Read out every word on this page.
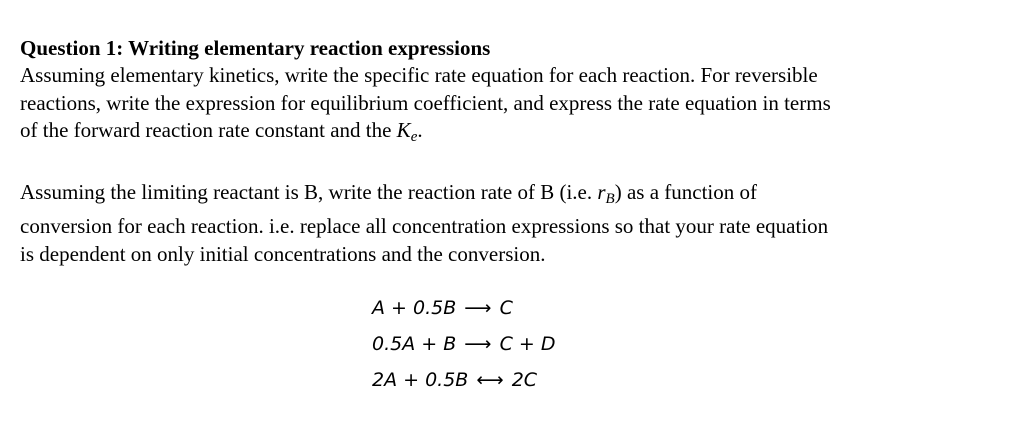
Question 1: Writing elementary reaction expressions

Assuming elementary kinetics, write the specific rate equation for each reaction. For reversible
reactions, write the expression for equilibrium coefficient, and express the rate equation in terms
of the forward reaction rate constant and the $K_e$.

Assuming the limiting reactant is B, write the reaction rate of B (i.e. $r_B$) as a function of
conversion for each reaction. i.e. replace all concentration expressions so that your rate equation
is dependent on only initial concentrations and the conversion.

A + 0.5B ⟶ C
0.5A + B ⟶ C + D
2A + 0.5B ⟷ 2C
